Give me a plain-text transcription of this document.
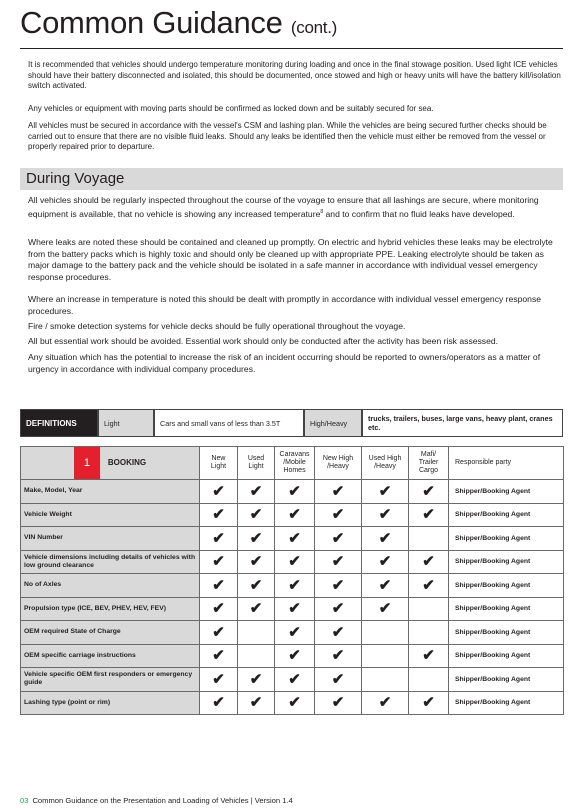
Common Guidance (cont.)

It is recommended that vehicles should undergo temperature monitoring during loading and once in the final stowage position. Used light ICE vehicles should have their battery disconnected and isolated, this should be documented, once stowed and high or heavy units will have the battery kill/isolation switch activated.

Any vehicles or equipment with moving parts should be confirmed as locked down and be suitably secured for sea.

All vehicles must be secured in accordance with the vessel's CSM and lashing plan. While the vehicles are being secured further checks should be carried out to ensure that there are no visible fluid leaks. Should any leaks be identified then the vehicle must either be removed from the vessel or properly repaired prior to departure.

During Voyage

All vehicles should be regularly inspected throughout the course of the voyage to ensure that all lashings are secure, where monitoring equipment is available, that no vehicle is showing any increased temperature$^8$ and to confirm that no fluid leaks have developed.

Where leaks are noted these should be contained and cleaned up promptly. On electric and hybrid vehicles these leaks may be electrolyte from the battery packs which is highly toxic and should only be cleaned up with appropriate PPE. Leaking electrolyte should be taken as major damage to the battery pack and the vehicle should be isolated in a safe manner in accordance with individual vessel emergency response procedures.

Where an increase in temperature is noted this should be dealt with promptly in accordance with individual vessel emergency response procedures.

Fire / smoke detection systems for vehicle decks should be fully operational throughout the voyage.

All but essential work should be avoided. Essential work should only be conducted after the activity has been risk assessed.

Any situation which has the potential to increase the risk of an incident occurring should be reported to owners/operators as a matter of urgency in accordance with individual company procedures.

DEFINITIONS	Light	Cars and small vans of less than 3.5T	High/Heavy	trucks, trailers, buses, large vans, heavy plant, cranes etc.
1 BOOKING	New Light	Used Light	Caravans /Mobile Homes	New High /Heavy	Used High /Heavy	Mafi/ Trailer Cargo	Responsible party
Make, Model, Year	✔	✔	✔	✔	✔	✔	Shipper/Booking Agent
Vehicle Weight	✔	✔	✔	✔	✔	✔	Shipper/Booking Agent
VIN Number	✔	✔	✔	✔	✔		Shipper/Booking Agent
Vehicle dimensions including details of vehicles with low ground clearance	✔	✔	✔	✔	✔	✔	Shipper/Booking Agent
No of Axles	✔	✔	✔	✔	✔	✔	Shipper/Booking Agent
Propulsion type (ICE, BEV, PHEV, HEV, FEV)	✔	✔	✔	✔	✔		Shipper/Booking Agent
OEM required State of Charge	✔		✔	✔			Shipper/Booking Agent
OEM specific carriage instructions	✔		✔	✔		✔	Shipper/Booking Agent
Vehicle specific OEM first responders or emergency guide	✔	✔	✔	✔			Shipper/Booking Agent
Lashing type (point or rim)	✔	✔	✔	✔	✔	✔	Shipper/Booking Agent
03 Common Guidance on the Presentation and Loading of Vehicles | Version 1.4
